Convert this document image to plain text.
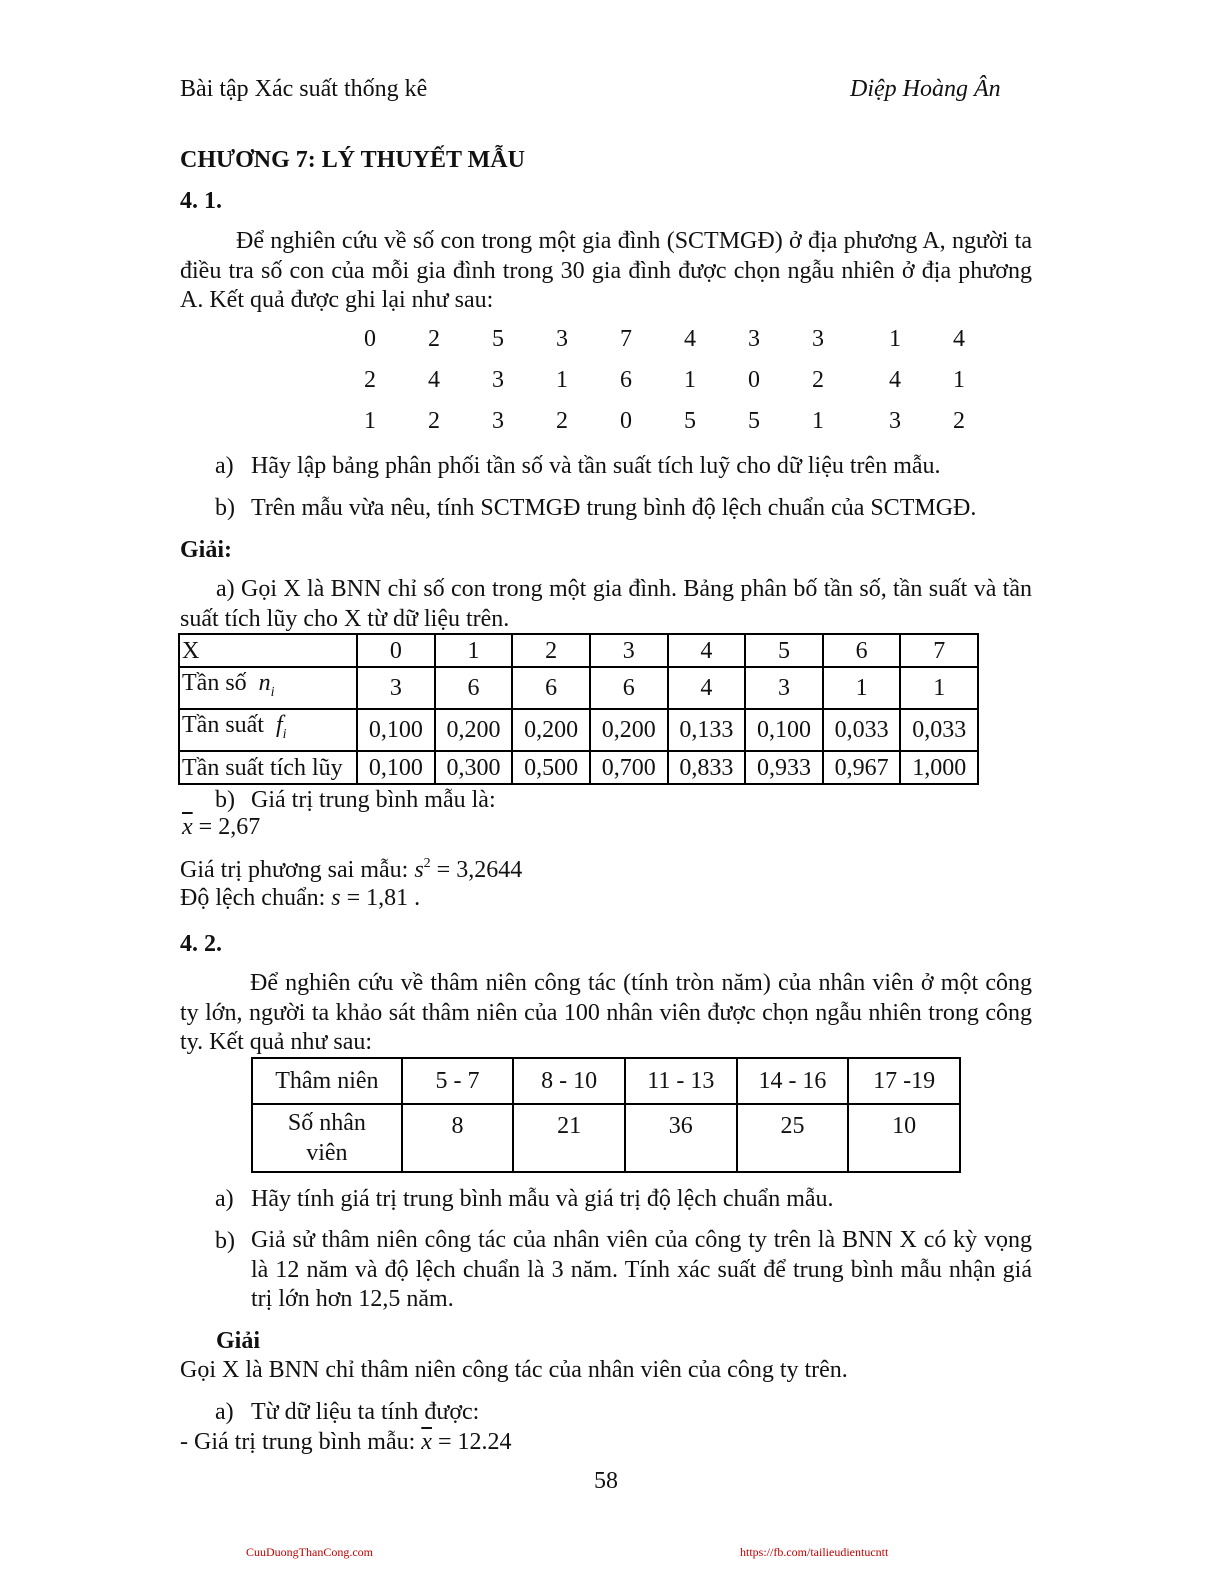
Bài tập Xác suất thống kê	Diệp Hoàng Ân
CHƯƠNG 7: LÝ THUYẾT MẪU
4. 1.
Để nghiên cứu về số con trong một gia đình (SCTMGĐ) ở địa phương A, người ta điều tra số con của mỗi gia đình trong 30 gia đình được chọn ngẫu nhiên ở địa phương A. Kết quả được ghi lại như sau:
0	2	5	3	7	4	3	3	1	4
2	4	3	1	6	1	0	2	4	1
1	2	3	2	0	5	5	1	3	2
a) Hãy lập bảng phân phối tần số và tần suất tích luỹ cho dữ liệu trên mẫu.
b) Trên mẫu vừa nêu, tính SCTMGĐ trung bình độ lệch chuẩn của SCTMGĐ.
Giải:
a) Gọi X là BNN chỉ số con trong một gia đình. Bảng phân bố tần số, tần suất và tần suất tích lũy cho X từ dữ liệu trên.
X	0	1	2	3	4	5	6	7
Tần số $n_i$	3	6	6	6	4	3	1	1
Tần suất $f_i$	0,100	0,200	0,200	0,200	0,133	0,100	0,033	0,033
Tần suất tích lũy	0,100	0,300	0,500	0,700	0,833	0,933	0,967	1,000
b) Giá trị trung bình mẫu là:
$\overline{x} = 2,67$
Giá trị phương sai mẫu: $s^2 = 3,2644$
Độ lệch chuẩn: s = 1,81 .
4. 2.
Để nghiên cứu về thâm niên công tác (tính tròn năm) của nhân viên ở một công ty lớn, người ta khảo sát thâm niên của 100 nhân viên được chọn ngẫu nhiên trong công ty. Kết quả như sau:
Thâm niên	5 - 7	8 - 10	11 - 13	14 - 16	17 -19
Số nhân viên	8	21	36	25	10
a) Hãy tính giá trị trung bình mẫu và giá trị độ lệch chuẩn mẫu.
b) Giả sử thâm niên công tác của nhân viên của công ty trên là BNN X có kỳ vọng là 12 năm và độ lệch chuẩn là 3 năm. Tính xác suất để trung bình mẫu nhận giá trị lớn hơn 12,5 năm.
Giải
Gọi X là BNN chỉ thâm niên công tác của nhân viên của công ty trên.
a) Từ dữ liệu ta tính được:
- Giá trị trung bình mẫu: $\overline{x} = 12.24$
58
CuuDuongThanCong.com	https://fb.com/tailieudientucntt
